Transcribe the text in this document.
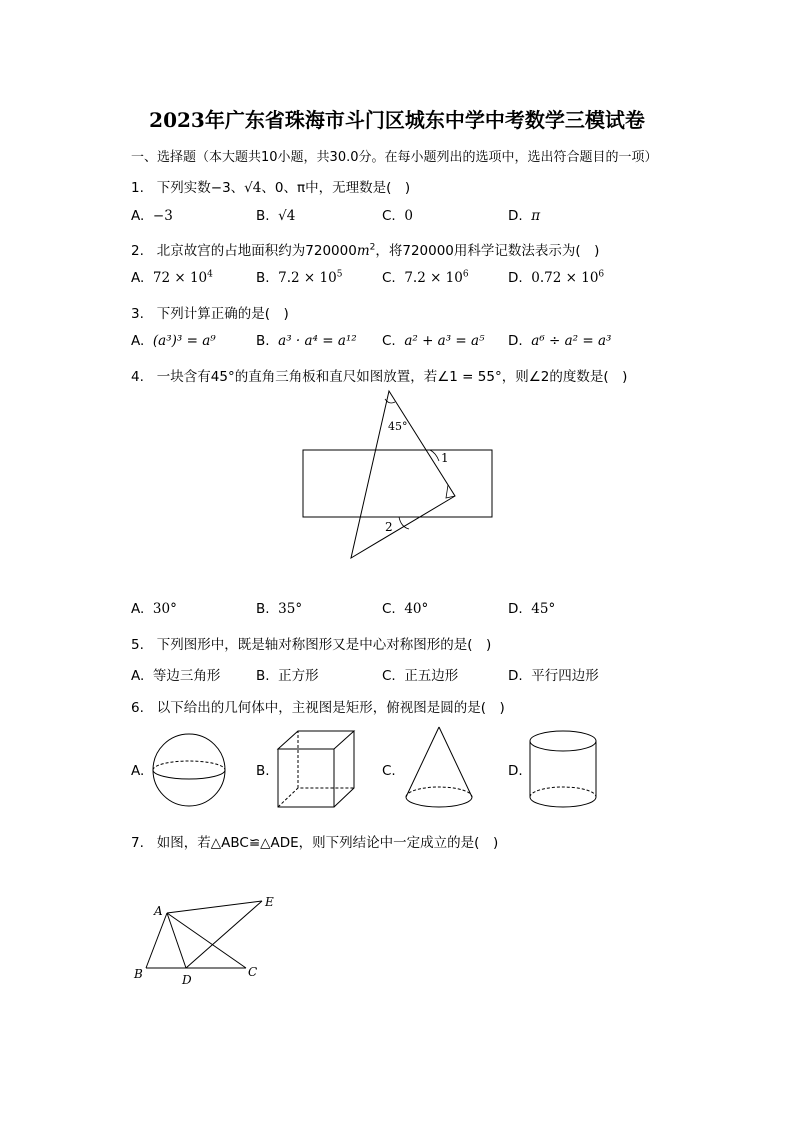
2023年广东省珠海市斗门区城东中学中考数学三模试卷
一、选择题（本大题共10小题，共30.0分。在每小题列出的选项中，选出符合题目的一项）
1. 下列实数−3、√4、0、π中，无理数是(　)
A. −3	B. √4	C. 0	D. π
2. 北京故宫的占地面积约为$720000m^2$，将720000用科学记数法表示为(　)
A. $72 \times 10^4$	B. $7.2 \times 10^5$	C. $7.2 \times 10^6$	D. $0.72 \times 10^6$
3. 下列计算正确的是(　)
A. (a³)³ = a⁹	B. a³ · a⁴ = a¹² C. a² + a³ = a⁵ D. a⁶ ÷ a² = a³
4. 一块含有45°的直角三角板和直尺如图放置，若∠1 = 55°，则∠2的度数是(　)
45°
1
2
A. 30°	B. 35°	C. 40°	D. 45°
5. 下列图形中，既是轴对称图形又是中心对称图形的是(　)
A. 等边三角形	B. 正方形	C. 正五边形	D. 平行四边形
6. 以下给出的几何体中，主视图是矩形，俯视图是圆的是(　)
A.	B.	C.	D.
7. 如图，若△ABC≌△ADE，则下列结论中一定成立的是(　)
A
B	D
C
E
